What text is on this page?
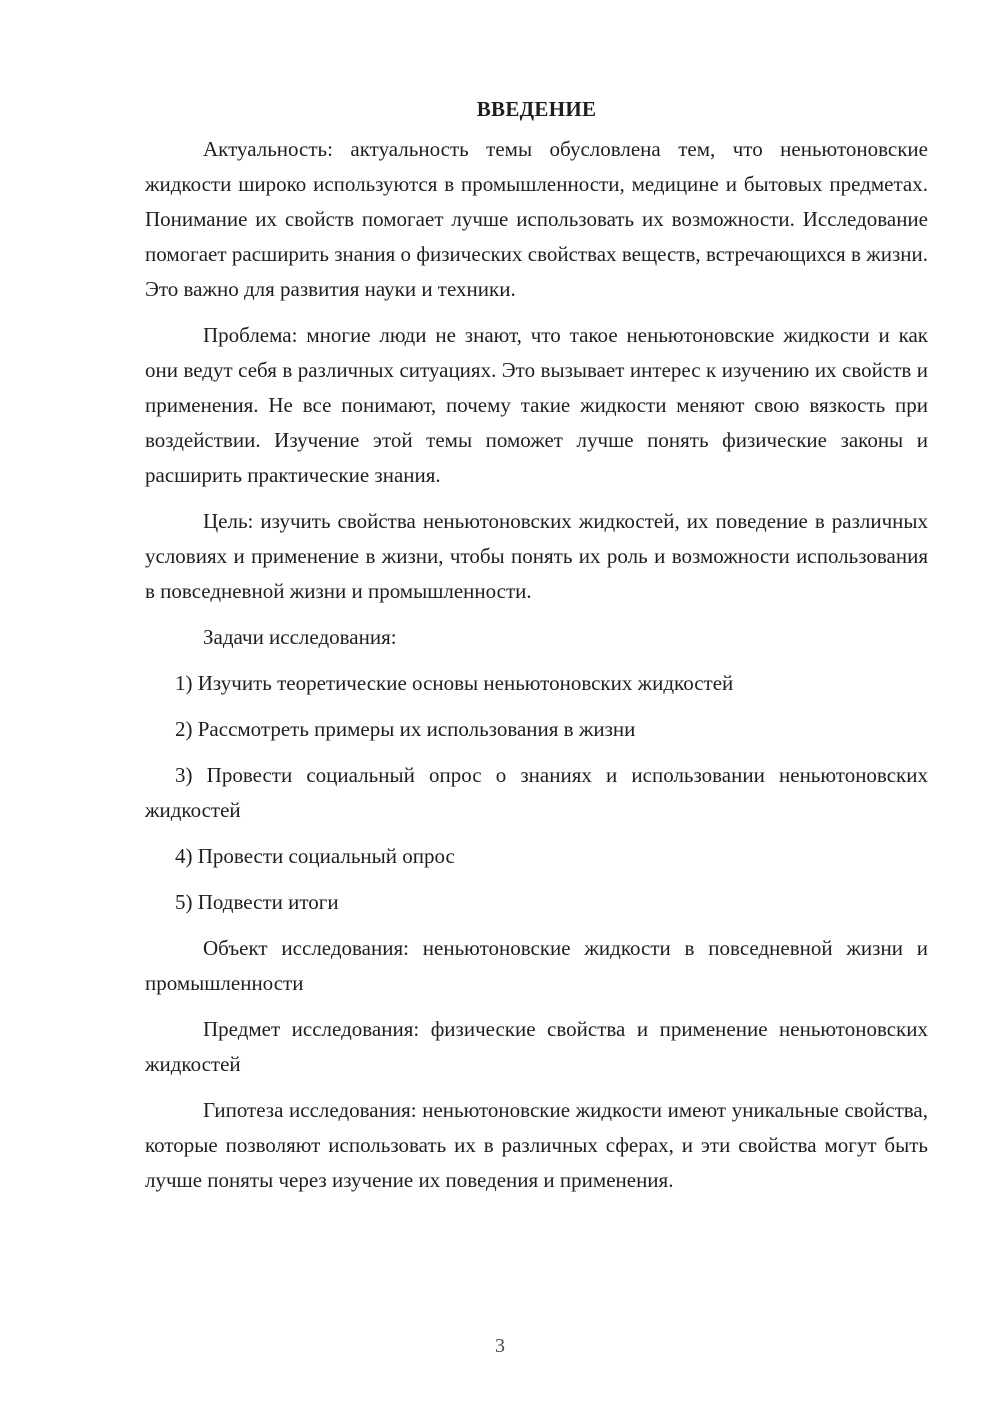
ВВЕДЕНИЕ

Актуальность: актуальность темы обусловлена тем, что неньютоновские жидкости широко используются в промышленности, медицине и бытовых предметах. Понимание их свойств помогает лучше использовать их возможности. Исследование помогает расширить знания о физических свойствах веществ, встречающихся в жизни. Это важно для развития науки и техники.

Проблема: многие люди не знают, что такое неньютоновские жидкости и как они ведут себя в различных ситуациях. Это вызывает интерес к изучению их свойств и применения. Не все понимают, почему такие жидкости меняют свою вязкость при воздействии. Изучение этой темы поможет лучше понять физические законы и расширить практические знания.

Цель: изучить свойства неньютоновских жидкостей, их поведение в различных условиях и применение в жизни, чтобы понять их роль и возможности использования в повседневной жизни и промышленности.

Задачи исследования:

1) Изучить теоретические основы неньютоновских жидкостей

2) Рассмотреть примеры их использования в жизни

3) Провести социальный опрос о знаниях и использовании неньютоновских жидкостей

4) Провести социальный опрос

5) Подвести итоги

Объект исследования: неньютоновские жидкости в повседневной жизни и промышленности

Предмет исследования: физические свойства и применение неньютоновских жидкостей

Гипотеза исследования: неньютоновские жидкости имеют уникальные свойства, которые позволяют использовать их в различных сферах, и эти свойства могут быть лучше поняты через изучение их поведения и применения.

3
